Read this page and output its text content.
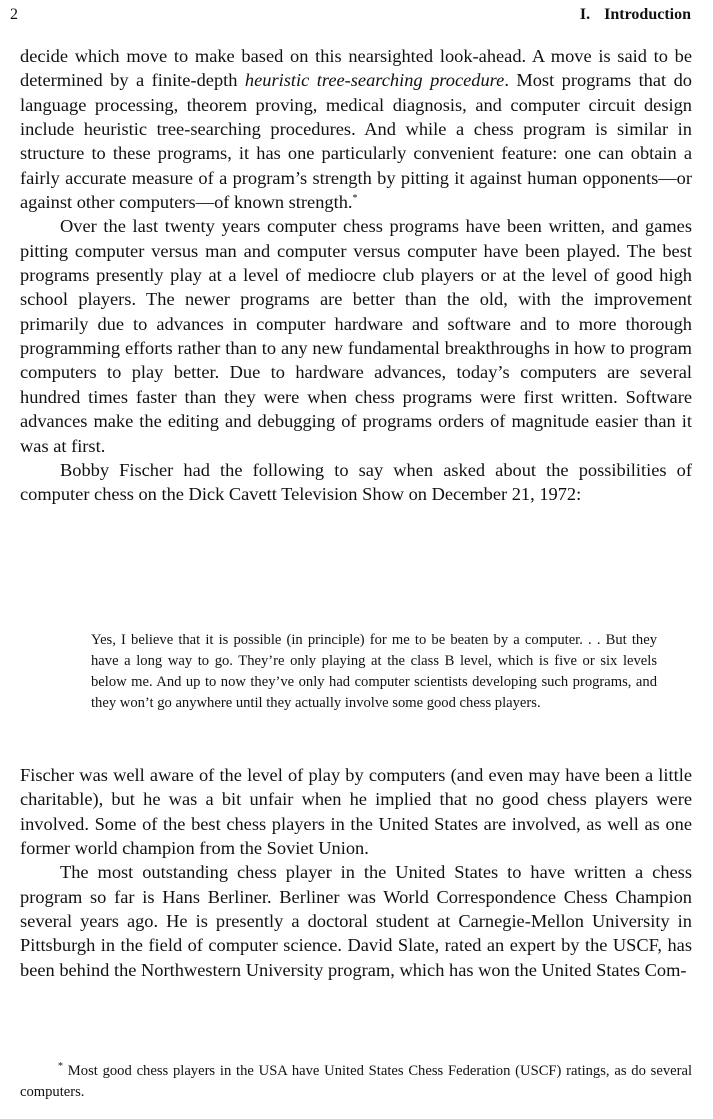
2	I. Introduction

decide which move to make based on this nearsighted look-ahead. A move is said to be determined by a finite-depth heuristic tree-searching procedure. Most programs that do language processing, theorem proving, medical diagnosis, and computer circuit design include heuristic tree-searching procedures. And while a chess program is similar in structure to these programs, it has one particularly convenient feature: one can obtain a fairly accurate measure of a program’s strength by pitting it against human opponents—or against other computers—of known strength.*

Over the last twenty years computer chess programs have been written, and games pitting computer versus man and computer versus computer have been played. The best programs presently play at a level of mediocre club players or at the level of good high school players. The newer programs are better than the old, with the improvement primarily due to advances in computer hardware and software and to more thorough programming efforts rather than to any new fundamental breakthroughs in how to program computers to play better. Due to hardware advances, today’s computers are several hundred times faster than they were when chess programs were first written. Software advances make the editing and debugging of programs orders of magnitude easier than it was at first.

Bobby Fischer had the following to say when asked about the possibilities of computer chess on the Dick Cavett Television Show on December 21, 1972:

Yes, I believe that it is possible (in principle) for me to be beaten by a computer. . . But they have a long way to go. They’re only playing at the class B level, which is five or six levels below me. And up to now they’ve only had computer scientists developing such programs, and they won’t go anywhere until they actually involve some good chess players.

Fischer was well aware of the level of play by computers (and even may have been a little charitable), but he was a bit unfair when he implied that no good chess players were involved. Some of the best chess players in the United States are involved, as well as one former world champion from the Soviet Union.

The most outstanding chess player in the United States to have written a chess program so far is Hans Berliner. Berliner was World Correspondence Chess Champion several years ago. He is presently a doctoral student at Carnegie-Mellon University in Pittsburgh in the field of computer science. David Slate, rated an expert by the USCF, has been behind the Northwestern University program, which has won the United States Com-

* Most good chess players in the USA have United States Chess Federation (USCF) ratings, as do several computers.
